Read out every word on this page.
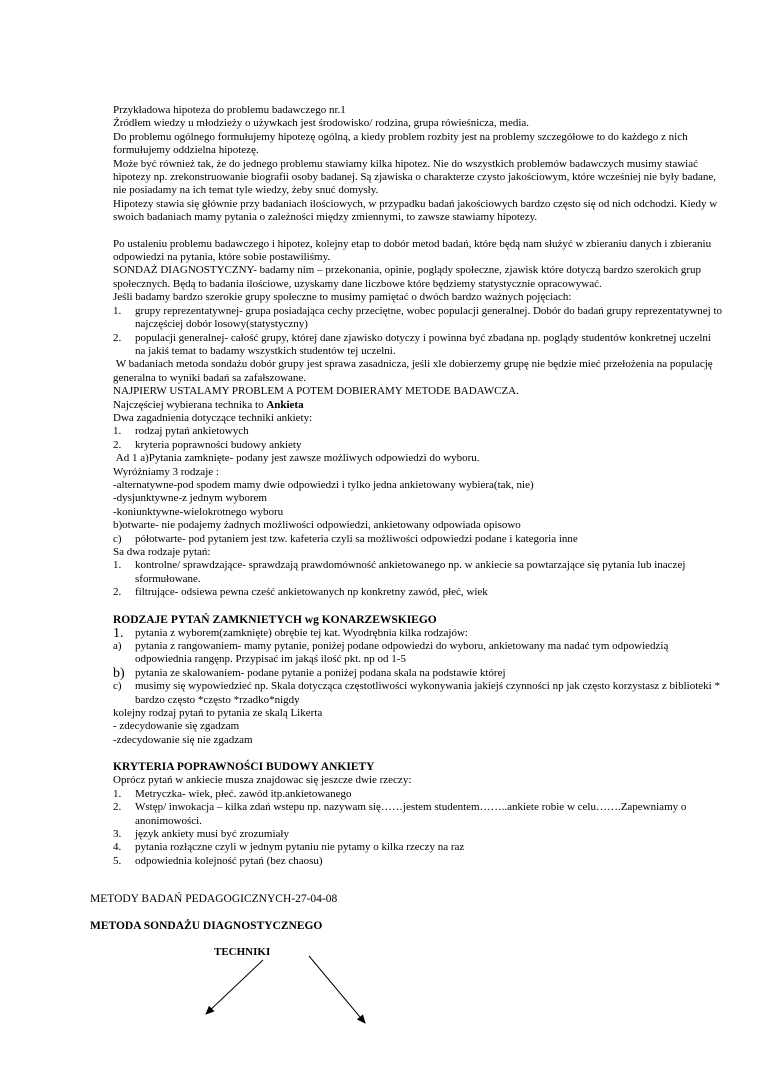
Przykładowa hipoteza do problemu badawczego nr.1

Źródłem wiedzy u młodzieży o używkach jest środowisko/ rodzina, grupa rówieśnicza, media.

Do problemu ogólnego formułujemy hipotezę ogólną, a kiedy problem rozbity jest na problemy szczegółowe to do każdego z nich formułujemy oddzielna hipotezę.

Może być również tak, że do jednego problemu stawiamy kilka hipotez. Nie do wszystkich problemów badawczych musimy stawiać hipotezy np. zrekonstruowanie biografii osoby badanej. Są zjawiska o charakterze czysto jakościowym, które wcześniej nie były badane, nie posiadamy na ich temat tyle wiedzy, żeby snuć domysły.

Hipotezy stawia się głównie przy badaniach ilościowych, w przypadku badań jakościowych bardzo często się od nich odchodzi. Kiedy w swoich badaniach mamy pytania o zależności między zmiennymi, to zawsze stawiamy hipotezy.

Po ustaleniu problemu badawczego i hipotez, kolejny etap to dobór metod badań, które będą nam służyć w zbieraniu danych i zbieraniu odpowiedzi na pytania, które sobie postawiliśmy.

SONDAŻ DIAGNOSTYCZNY- badamy nim – przekonania, opinie, poglądy społeczne, zjawisk które dotyczą bardzo szerokich grup społecznych. Będą to badania ilościowe, uzyskamy dane liczbowe które będziemy statystycznie opracowywać.

Jeśli badamy bardzo szerokie grupy społeczne to musimy pamiętać o dwóch bardzo ważnych pojęciach:

1.	grupy reprezentatywnej- grupa posiadająca cechy przeciętne, wobec populacji generalnej. Dobór do badań grupy reprezentatywnej to najczęściej dobór losowy(statystyczny)
2.	populacji generalnej- całość grupy, której dane zjawisko dotyczy i powinna być zbadana np. poglądy studentów konkretnej uczelni na jakiś temat to badamy wszystkich studentów tej uczelni.

W badaniach metoda sondażu dobór grupy jest sprawa zasadnicza, jeśli xle dobierzemy grupę nie będzie mieć przełożenia na populację generalna to wyniki badań sa zafałszowane.

NAJPIERW USTALAMY PROBLEM A POTEM DOBIERAMY METODE BADAWCZA.

Najczęściej wybierana technika to Ankieta

Dwa zagadnienia dotyczące techniki ankiety:

1.	rodzaj pytań ankietowych
2.	kryteria poprawności budowy ankiety

Ad 1 a)Pytania zamknięte- podany jest zawsze możliwych odpowiedzi do wyboru.

Wyróżniamy 3 rodzaje :

-alternatywne-pod spodem mamy dwie odpowiedzi i tylko jedna ankietowany wybiera(tak, nie)

-dysjunktywne-z jednym wyborem

-koniunktywne-wielokrotnego wyboru

b)otwarte- nie podajemy żadnych możliwości odpowiedzi, ankietowany odpowiada opisowo

c)	półotwarte- pod pytaniem jest tzw. kafeteria czyli sa możliwości odpowiedzi podane i kategoria inne

Sa dwa rodzaje pytań:

1.	kontrolne/ sprawdzające- sprawdzają prawdomówność ankietowanego np. w ankiecie sa powtarzające się pytania lub inaczej sformułowane.
2.	filtrujące- odsiewa pewna cześć ankietowanych np konkretny zawód, płeć, wiek
RODZAJE PYTAŃ ZAMKNIETYCH wg KONARZEWSKIEGO
1.	pytania z wyborem(zamknięte) obrębie tej kat. Wyodrębnia kilka rodzajów:
a)	pytania z rangowaniem- mamy pytanie, poniżej podane odpowiedzi do wyboru, ankietowany ma nadać tym odpowiedzią odpowiednia rangęnp. Przypisać im jakąś ilość pkt. np od 1-5
b) pytania ze skalowaniem- podane pytanie a poniżej podana skala na podstawie której
c)	musimy się wypowiedzieć np. Skala dotycząca częstotliwości wykonywania jakiejś czynności np jak często korzystasz z biblioteki * bardzo często *często *rzadko*nigdy

kolejny rodzaj pytań to pytania ze skalą Likerta

- zdecydowanie się zgadzam

-zdecydowanie się nie zgadzam

KRYTERIA POPRAWNOŚCI BUDOWY ANKIETY

Oprócz pytań w ankiecie musza znajdowac się jeszcze dwie rzeczy:

1.	Metryczka- wiek, płeć. zawód itp.ankietowanego
2.	Wstęp/ inwokacja – kilka zdań wstepu np. nazywam się……jestem studentem……..ankiete robie w celu…….Zapewniamy o anonimowości.
3.	język ankiety musi być zrozumiały
4.	pytania rozłączne czyli w jednym pytaniu nie pytamy o kilka rzeczy na raz
5.	odpowiednia kolejność pytań (bez chaosu)

METODY BADAŃ PEDAGOGICZNYCH-27-04-08

METODA SONDAŻU DIAGNOSTYCZNEGO

TECHNIKI
